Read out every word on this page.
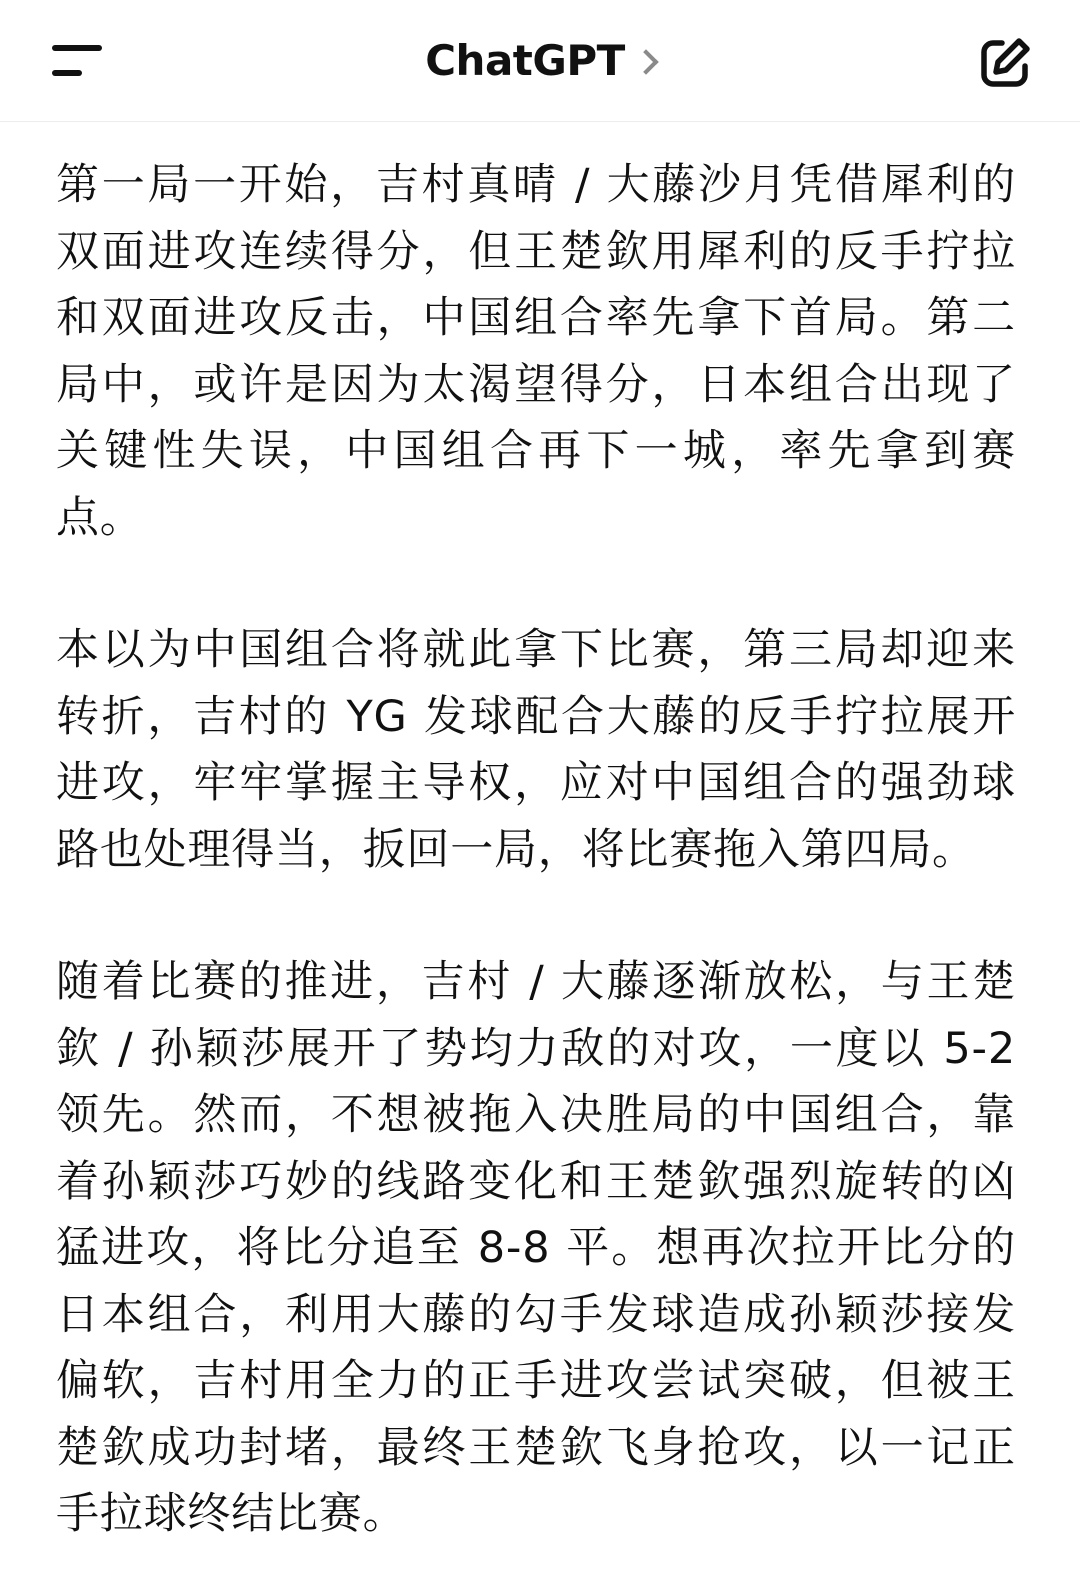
ChatGPT

第一局一开始，吉村真晴 / 大藤沙月凭借犀利的双面进攻连续得分，但王楚欽用犀利的反手拧拉和双面进攻反击，中国组合率先拿下首局。第二局中，或许是因为太渴望得分，日本组合出现了关键性失误，中国组合再下一城，率先拿到赛点。

本以为中国组合将就此拿下比赛，第三局却迎来转折，吉村的 YG 发球配合大藤的反手拧拉展开进攻，牢牢掌握主导权，应对中国组合的强劲球路也处理得当，扳回一局，将比赛拖入第四局。

随着比赛的推进，吉村 / 大藤逐渐放松，与王楚欽 / 孙颖莎展开了势均力敌的对攻，一度以 5-2 领先。然而，不想被拖入决胜局的中国组合，靠着孙颖莎巧妙的线路变化和王楚欽强烈旋转的凶猛进攻，将比分追至 8-8 平。想再次拉开比分的日本组合，利用大藤的勾手发球造成孙颖莎接发偏软，吉村用全力的正手进攻尝试突破，但被王楚欽成功封堵，最终王楚欽飞身抢攻，以一记正手拉球终结比赛。
